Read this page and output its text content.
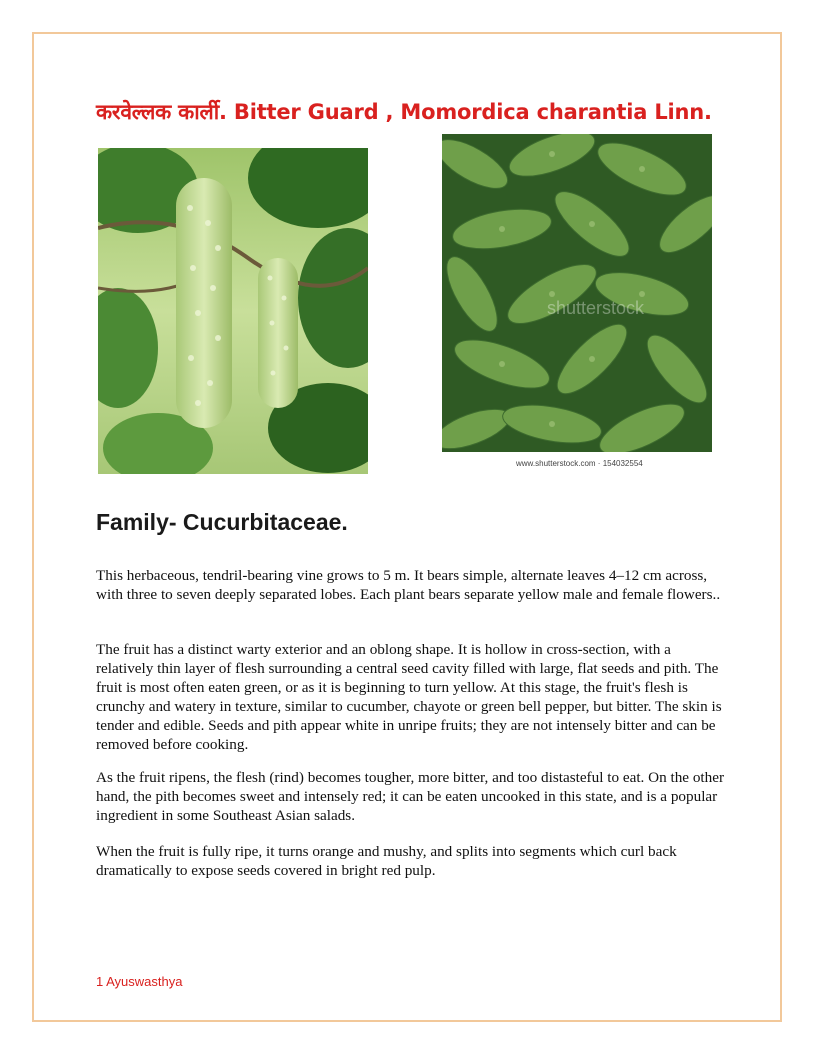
करवेल्लक कार्ली. Bitter Guard , Momordica charantia Linn.
shutterstock
www.shutterstock.com · 154032554
Family- Cucurbitaceae.

This herbaceous, tendril-bearing vine grows to 5 m. It bears simple, alternate leaves 4–12 cm across, with three to seven deeply separated lobes. Each plant bears separate yellow male and female flowers..

The fruit has a distinct warty exterior and an oblong shape. It is hollow in cross-section, with a relatively thin layer of flesh surrounding a central seed cavity filled with large, flat seeds and pith. The fruit is most often eaten green, or as it is beginning to turn yellow. At this stage, the fruit's flesh is crunchy and watery in texture, similar to cucumber, chayote or green bell pepper, but bitter. The skin is tender and edible. Seeds and pith appear white in unripe fruits; they are not intensely bitter and can be removed before cooking.

As the fruit ripens, the flesh (rind) becomes tougher, more bitter, and too distasteful to eat. On the other hand, the pith becomes sweet and intensely red; it can be eaten uncooked in this state, and is a popular ingredient in some Southeast Asian salads.

When the fruit is fully ripe, it turns orange and mushy, and splits into segments which curl back dramatically to expose seeds covered in bright red pulp.

1 Ayuswasthya
